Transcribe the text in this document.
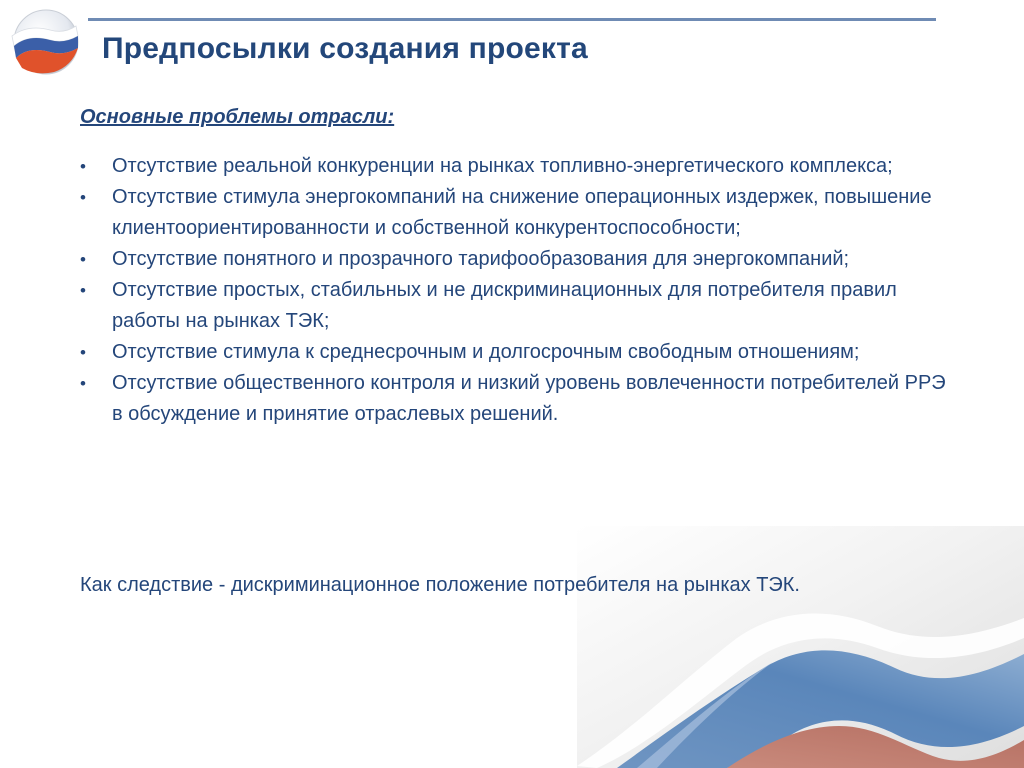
Предпосылки создания проекта
Основные проблемы отрасли:
• Отсутствие реальной конкуренции на рынках топливно-энергетического комплекса;
• Отсутствие стимула энергокомпаний на снижение операционных издержек, повышение клиентоориентированности и собственной конкурентоспособности;
• Отсутствие понятного и прозрачного тарифообразования для энергокомпаний;
• Отсутствие простых, стабильных и не дискриминационных для потребителя правил работы на рынках ТЭК;
• Отсутствие стимула к среднесрочным и долгосрочным свободным отношениям;
• Отсутствие общественного контроля и низкий уровень вовлеченности потребителей РРЭ в обсуждение и принятие отраслевых решений.

Как следствие - дискриминационное положение потребителя на рынках ТЭК.
